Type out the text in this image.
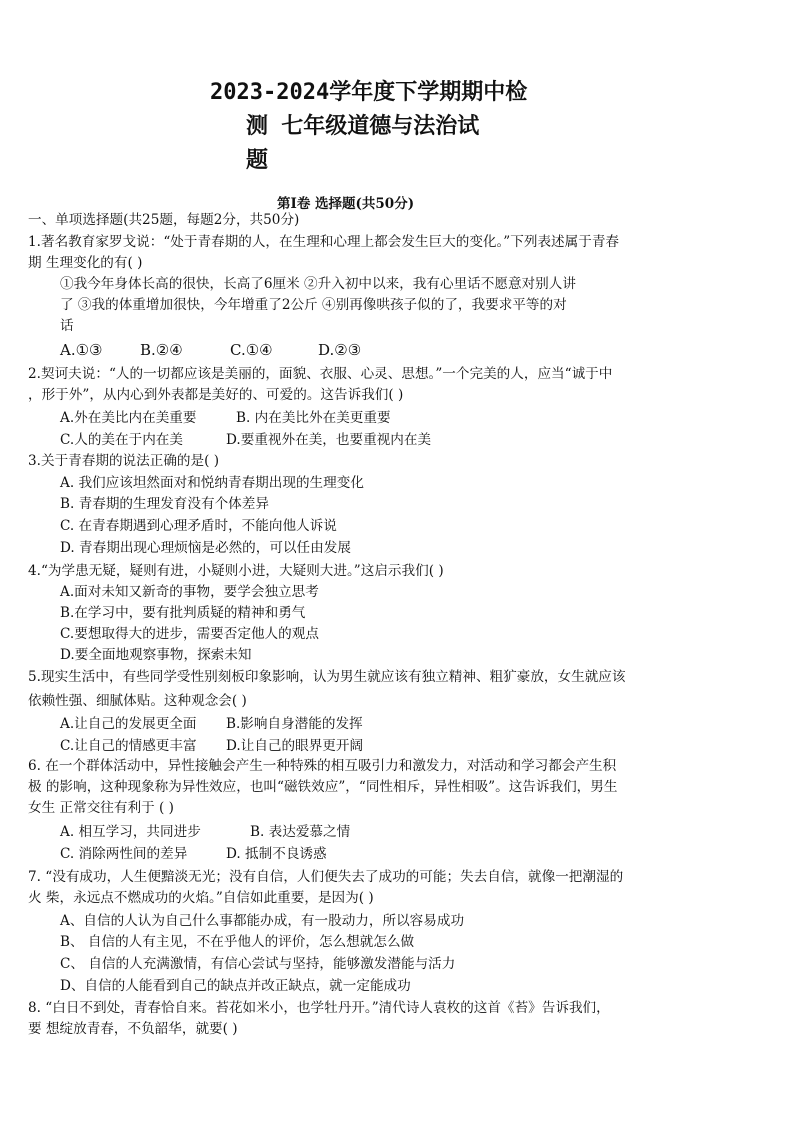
2023-2024学年度下学期期中检
测 七年级道德与法治试
题
第I卷 选择题(共50分)
一、单项选择题(共25题，每题2分，共50分)
1.著名教育家罗戈说：“处于青春期的人，在生理和心理上都会发生巨大的变化。”下列表述属于青春
期 生理变化的有( )
①我今年身体长高的很快，长高了6厘米 ②升入初中以来，我有心里话不愿意对别人讲
了 ③我的体重增加很快，今年增重了2公斤 ④别再像哄孩子似的了，我要求平等的对
话
A.①③	B.②④	C.①④	D.②③
2.契诃夫说：“人的一切都应该是美丽的，面貌、衣服、心灵、思想。”一个完美的人，应当“诚于中
，形于外”，从内心到外表都是美好的、可爱的。这告诉我们( )
A.外在美比内在美重要	B. 内在美比外在美更重要
C.人的美在于内在美	D.要重视外在美，也要重视内在美
3.关于青春期的说法正确的是( )
A. 我们应该坦然面对和悦纳青春期出现的生理变化
B. 青春期的生理发育没有个体差异
C. 在青春期遇到心理矛盾时，不能向他人诉说
D. 青春期出现心理烦恼是必然的，可以任由发展
4.“为学患无疑，疑则有进，小疑则小进，大疑则大进。”这启示我们( )
A.面对未知又新奇的事物，要学会独立思考
B.在学习中，要有批判质疑的精神和勇气
C.要想取得大的进步，需要否定他人的观点
D.要全面地观察事物，探索未知
5.现实生活中，有些同学受性别刻板印象影响，认为男生就应该有独立精神、粗犷豪放，女生就应该
依赖性强、细腻体贴。这种观念会( )
A.让自己的发展更全面 B.影响自身潜能的发挥
C.让自己的情感更丰富 D.让自己的眼界更开阔
6. 在一个群体活动中，异性接触会产生一种特殊的相互吸引力和激发力，对活动和学习都会产生积
极 的影响，这种现象称为异性效应，也叫“磁铁效应”，“同性相斥，异性相吸”。这告诉我们，男生
女生 正常交往有利于 ( )
A. 相互学习，共同进步	B. 表达爱慕之情
C. 消除两性间的差异	D. 抵制不良诱惑
7. “没有成功，人生便黯淡无光；没有自信，人们便失去了成功的可能；失去自信，就像一把潮湿的
火 柴，永远点不燃成功的火焰。”自信如此重要，是因为( )
A、自信的人认为自己什么事都能办成，有一股动力，所以容易成功
B、 自信的人有主见，不在乎他人的评价，怎么想就怎么做
C、 自信的人充满激情，有信心尝试与坚持，能够激发潜能与活力
D、自信的人能看到自己的缺点并改正缺点，就一定能成功
8. “白日不到处，青春恰自来。苔花如米小，也学牡丹开。”清代诗人袁枚的这首《苔》告诉我们，
要 想绽放青春，不负韶华，就要( )
